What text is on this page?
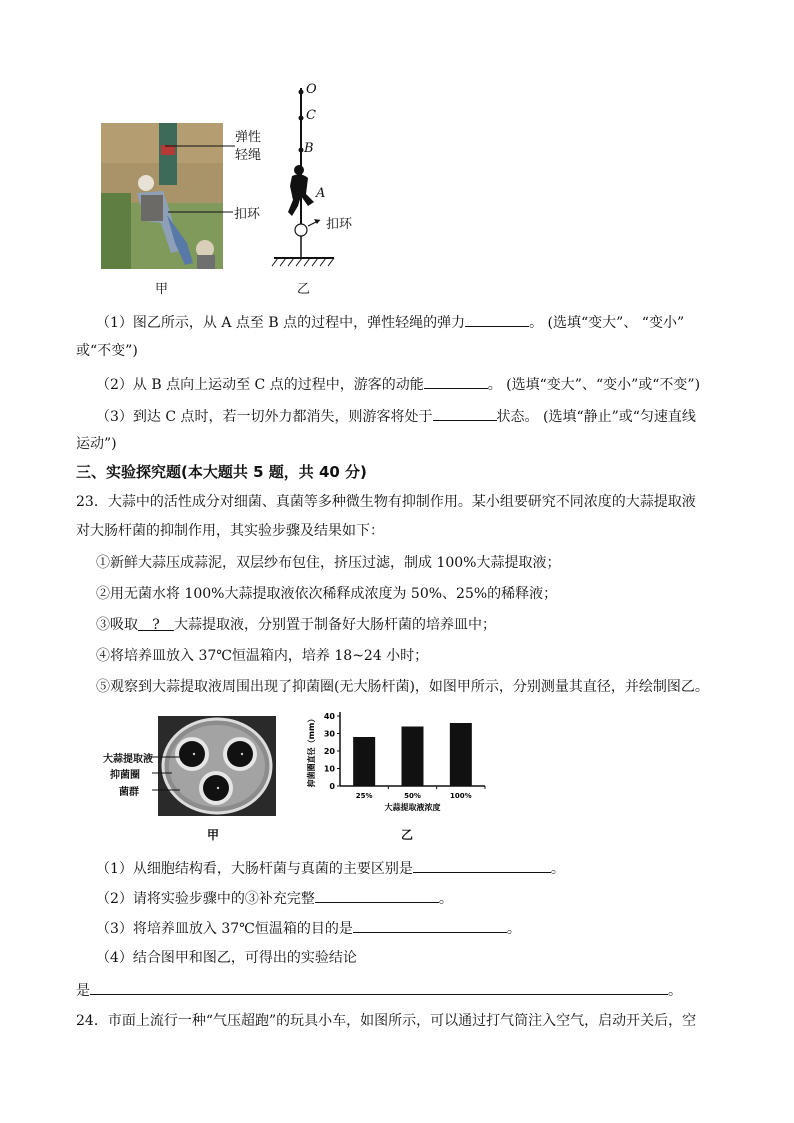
弹性
轻绳
扣环
甲
O
C
B
A
扣环
乙
（1）图乙所示，从 A 点至 B 点的过程中，弹性轻绳的弹力	。 (选填“变大”、 “变小”
或“不变”)
（2）从 B 点向上运动至 C 点的过程中，游客的动能	。 (选填“变大”、“变小”或“不变”)
（3）到达 C 点时，若一切外力都消失，则游客将处于	状态。 (选填“静止”或“匀速直线
运动”)
三、实验探究题(本大题共 5 题，共 40 分)
23．大蒜中的活性成分对细菌、真菌等多种微生物有抑制作用。某小组要研究不同浓度的大蒜提取液
对大肠杆菌的抑制作用，其实验步骤及结果如下：
①新鲜大蒜压成蒜泥，双层纱布包住，挤压过滤，制成 100%大蒜提取液；
②用无菌水将 100%大蒜提取液依次稀释成浓度为 50%、25%的稀释液；
③吸取 ? 大蒜提取液，分别置于制备好大肠杆菌的培养皿中；
④将培养皿放入 37℃恒温箱内，培养 18~24 小时；
⑤观察到大蒜提取液周围出现了抑菌圈(无大肠杆菌)，如图甲所示，分别测量其直径，并绘制图乙。
大蒜提取液
抑菌圈
菌群
甲
抑菌圈直径（mm） 0
10
20
30
40
25%	50%	100%
大蒜提取液浓度
乙
（1）从细胞结构看，大肠杆菌与真菌的主要区别是	。
（2）请将实验步骤中的③补充完整	。
（3）将培养皿放入 37℃恒温箱的目的是	。
（4）结合图甲和图乙，可得出的实验结论
是	。
24．市面上流行一种“气压超跑”的玩具小车，如图所示，可以通过打气筒注入空气，启动开关后，空
